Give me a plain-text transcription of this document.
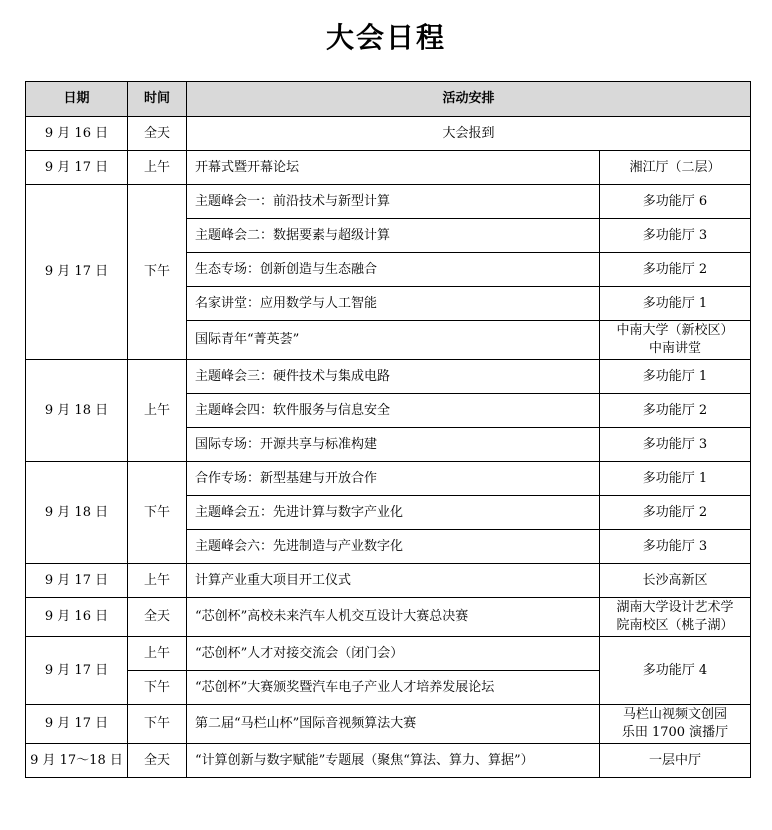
大会日程
日期	时间	活动安排	
9 月 16 日	全天	大会报到	
9 月 17 日	上午	开幕式暨开幕论坛	湘江厅（二层）
9 月 17 日	下午	主题峰会一：前沿技术与新型计算	多功能厅 6
		主题峰会二：数据要素与超级计算	多功能厅 3
		生态专场：创新创造与生态融合	多功能厅 2
		名家讲堂：应用数学与人工智能	多功能厅 1
		国际青年“菁英荟”	中南大学（新校区）
中南讲堂
9 月 18 日	上午	主题峰会三：硬件技术与集成电路	多功能厅 1
		主题峰会四：软件服务与信息安全	多功能厅 2
		国际专场：开源共享与标准构建	多功能厅 3
9 月 18 日	下午	合作专场：新型基建与开放合作	多功能厅 1
		主题峰会五：先进计算与数字产业化	多功能厅 2
		主题峰会六：先进制造与产业数字化	多功能厅 3
9 月 17 日	上午	计算产业重大项目开工仪式	长沙高新区
9 月 16 日	全天	“芯创杯”高校未来汽车人机交互设计大赛总决赛	湖南大学设计艺术学
院南校区（桃子湖）
9 月 17 日	上午	“芯创杯”人才对接交流会（闭门会）	多功能厅 4
	下午	“芯创杯”大赛颁奖暨汽车电子产业人才培养发展论坛	
9 月 17 日	下午	第二届“马栏山杯”国际音视频算法大赛	马栏山视频文创园
乐田 1700 演播厅
9 月 17～18 日	全天	“计算创新与数字赋能”专题展（聚焦“算法、算力、算据”）	一层中厅
